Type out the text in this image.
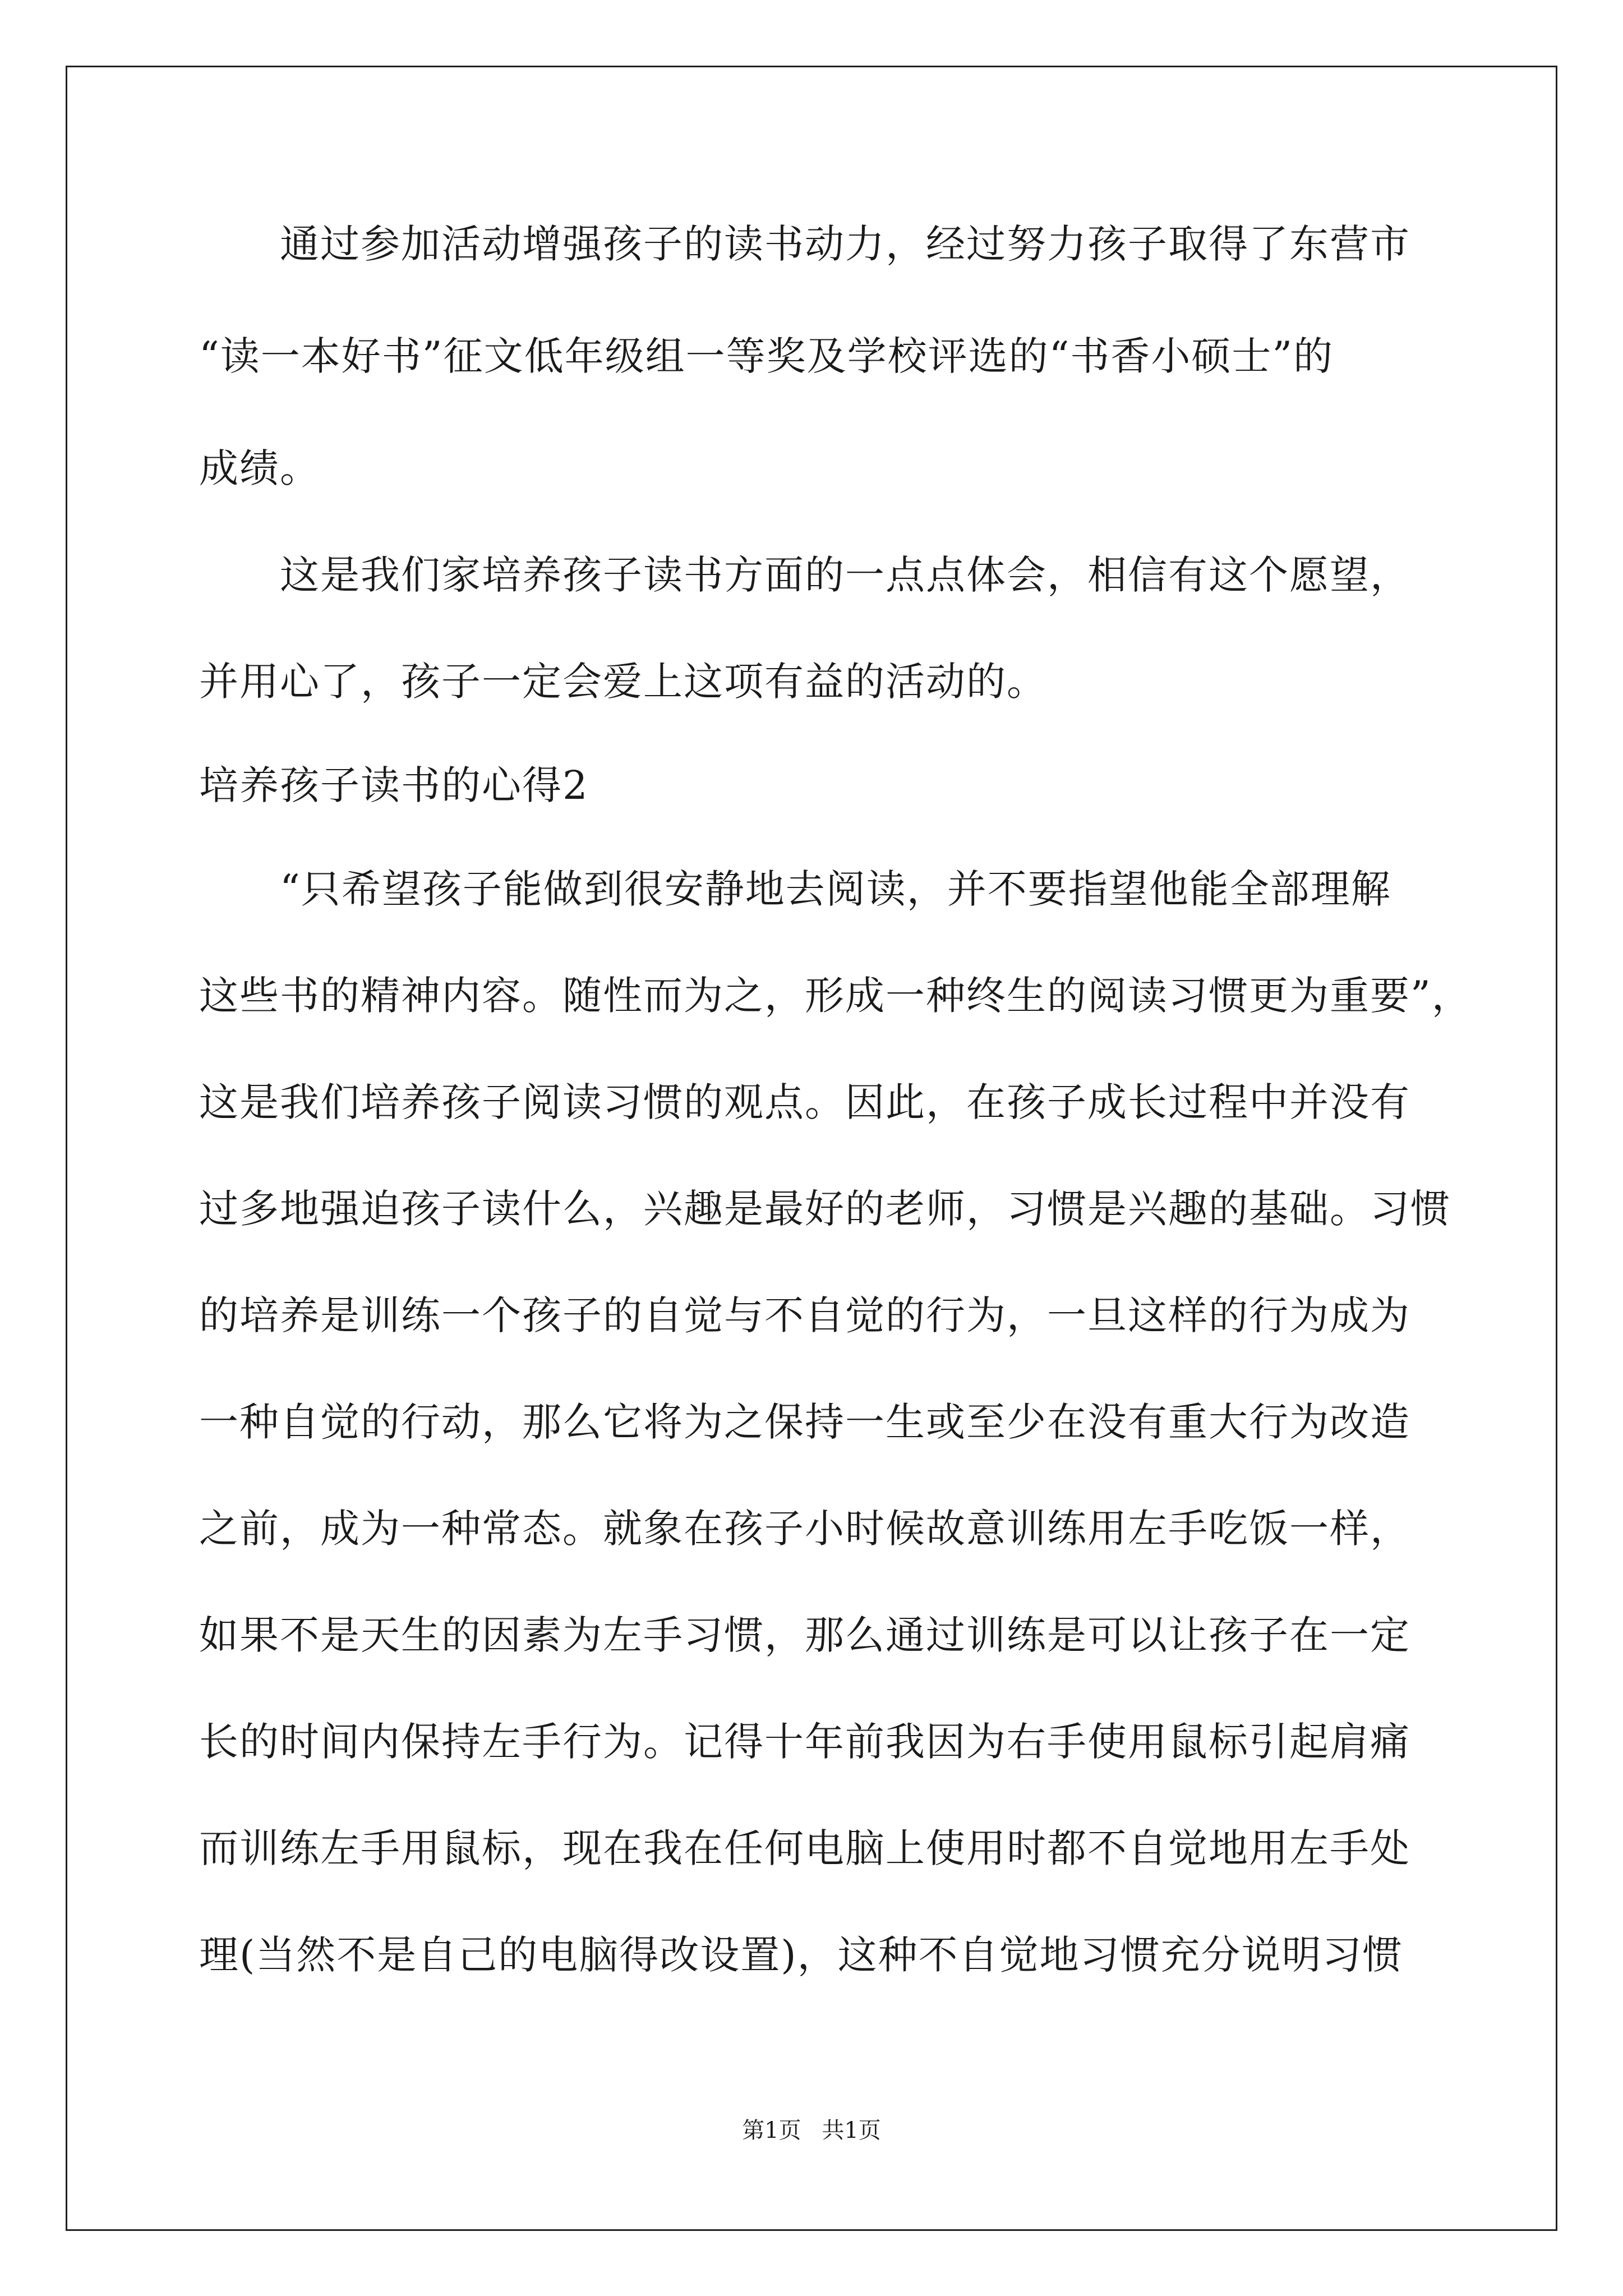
　　通过参加活动增强孩子的读书动力，经过努力孩子取得了东营市
“读一本好书”征文低年级组一等奖及学校评选的“书香小硕士”的
成绩。
　　这是我们家培养孩子读书方面的一点点体会，相信有这个愿望，
并用心了，孩子一定会爱上这项有益的活动的。
培养孩子读书的心得2
　　“只希望孩子能做到很安静地去阅读，并不要指望他能全部理解
这些书的精神内容。随性而为之，形成一种终生的阅读习惯更为重要”，
这是我们培养孩子阅读习惯的观点。因此，在孩子成长过程中并没有
过多地强迫孩子读什么，兴趣是最好的老师，习惯是兴趣的基础。习惯
的培养是训练一个孩子的自觉与不自觉的行为，一旦这样的行为成为
一种自觉的行动，那么它将为之保持一生或至少在没有重大行为改造
之前，成为一种常态。就象在孩子小时候故意训练用左手吃饭一样，
如果不是天生的因素为左手习惯，那么通过训练是可以让孩子在一定
长的时间内保持左手行为。记得十年前我因为右手使用鼠标引起肩痛
而训练左手用鼠标，现在我在任何电脑上使用时都不自觉地用左手处
理(当然不是自己的电脑得改设置)，这种不自觉地习惯充分说明习惯
第1页 共1页
